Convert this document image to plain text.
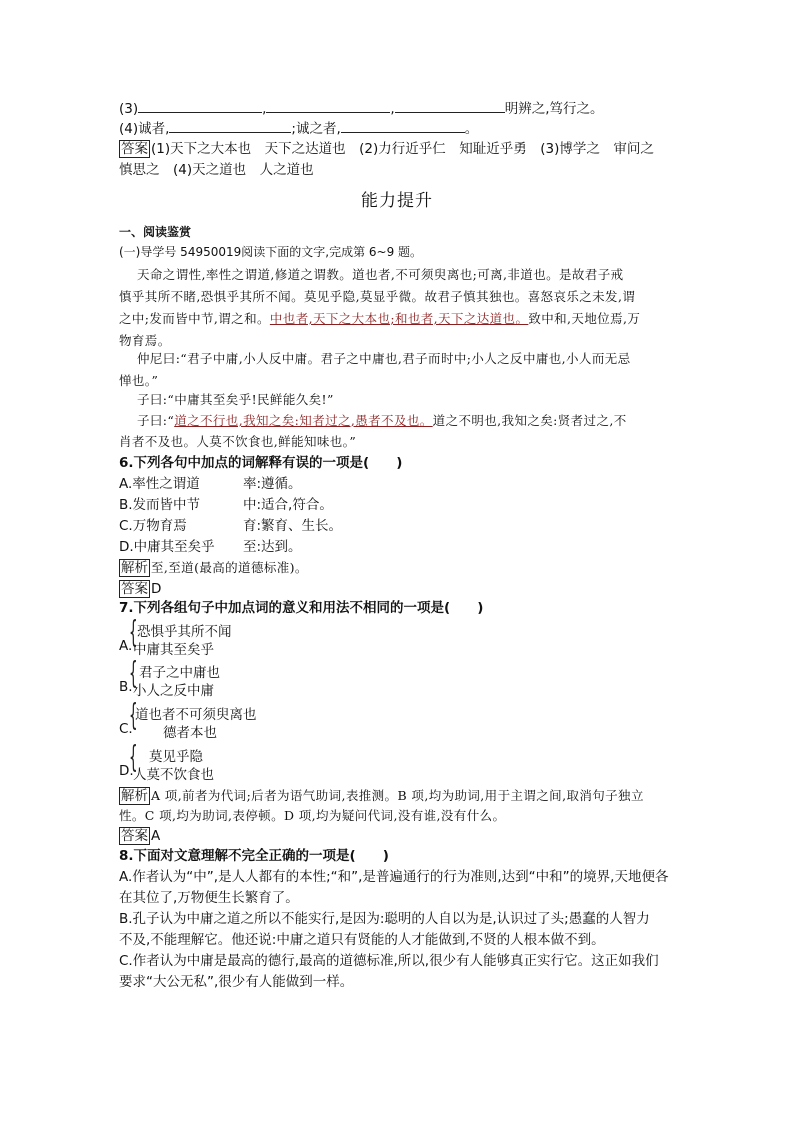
(3)	,	,	明辨之,笃行之。
(4)诚者,	;诚之者,	。
答案 (1)天下之大本也　天下之达道也　(2)力行近乎仁　知耻近乎勇　(3)博学之　审问之
慎思之　(4)天之道也　人之道也
能力提升
一、阅读鉴赏
(一)导学号 54950019阅读下面的文字,完成第 6~9 题。
天命之谓性,率性之谓道,修道之谓教。道也者,不可须臾离也;可离,非道也。是故君子戒
慎乎其所不睹,恐惧乎其所不闻。莫见乎隐,莫显乎微。故君子慎其独也。喜怒哀乐之未发,谓
之中;发而皆中节,谓之和。中也者,天下之大本也;和也者,天下之达道也。致中和,天地位焉,万
物育焉。
仲尼曰:“君子中庸,小人反中庸。君子之中庸也,君子而时中;小人之反中庸也,小人而无忌
惮也。”
子曰:“中庸其至矣乎!民鲜能久矣!”
子曰:“道之不行也,我知之矣:知者过之,愚者不及也。道之不明也,我知之矣:贤者过之,不
肖者不及也。人莫不饮食也,鲜能知味也。”
6.下列各句中加点的词解释有误的一项是(　　)
A.率性之谓道	率:遵循。
B.发而皆中节	中:适合,符合。
C.万物育焉	育:繁育、生长。
D.中庸其至矣乎 至:达到。
解析 至,至道(最高的道德标准)。
答案 D
7.下列各组句子中加点词的意义和用法不相同的一项是(　　)
A.
{ 恐惧乎其所不闻
中庸其至矣乎
B.
{ 君子之中庸也
小人之反中庸
C.
{
道也者不可须臾离也
德者本也
D.
{ 莫见乎隐
人莫不饮食也
解析 A 项,前者为代词;后者为语气助词,表推测。B 项,均为助词,用于主谓之间,取消句子独立
性。C 项,均为助词,表停顿。D 项,均为疑问代词,没有谁,没有什么。
答案 A
8.下面对文意理解不完全正确的一项是(　　)
A.作者认为“中”,是人人都有的本性;“和”,是普遍通行的行为准则,达到“中和”的境界,天地便各
在其位了,万物便生长繁育了。
B.孔子认为中庸之道之所以不能实行,是因为:聪明的人自以为是,认识过了头;愚蠢的人智力
不及,不能理解它。他还说:中庸之道只有贤能的人才能做到,不贤的人根本做不到。
C.作者认为中庸是最高的德行,最高的道德标准,所以,很少有人能够真正实行它。这正如我们
要求“大公无私”,很少有人能做到一样。
